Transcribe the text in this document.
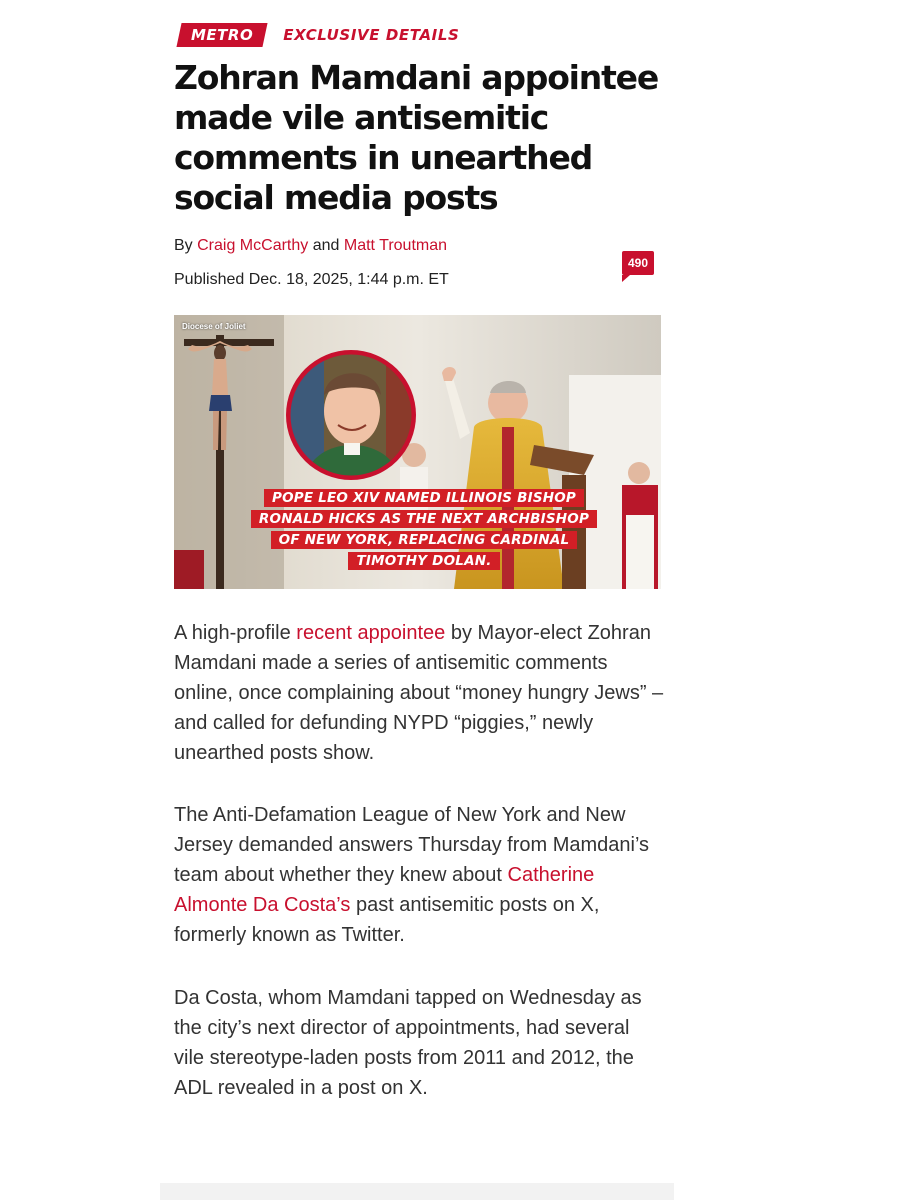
METRO	EXCLUSIVE DETAILS
Zohran Mamdani appointee made vile antisemitic comments in unearthed social media posts
By Craig McCarthy and Matt Troutman
Published Dec. 18, 2025, 1:44 p.m. ET
490
Diocese of Joliet
POPE LEO XIV NAMED ILLINOIS BISHOP
RONALD HICKS AS THE NEXT ARCHBISHOP
OF NEW YORK, REPLACING CARDINAL
TIMOTHY DOLAN.

A high-profile recent appointee by Mayor-elect Zohran Mamdani made a series of antisemitic comments online, once complaining about “money hungry Jews” – and called for defunding NYPD “piggies,” newly unearthed posts show.

The Anti-Defamation League of New York and New Jersey demanded answers Thursday from Mamdani’s team about whether they knew about Catherine Almonte Da Costa’s past antisemitic posts on X, formerly known as Twitter.

Da Costa, whom Mamdani tapped on Wednesday as the city’s next director of appointments, had several vile stereotype-laden posts from 2011 and 2012, the ADL revealed in a post on X.
